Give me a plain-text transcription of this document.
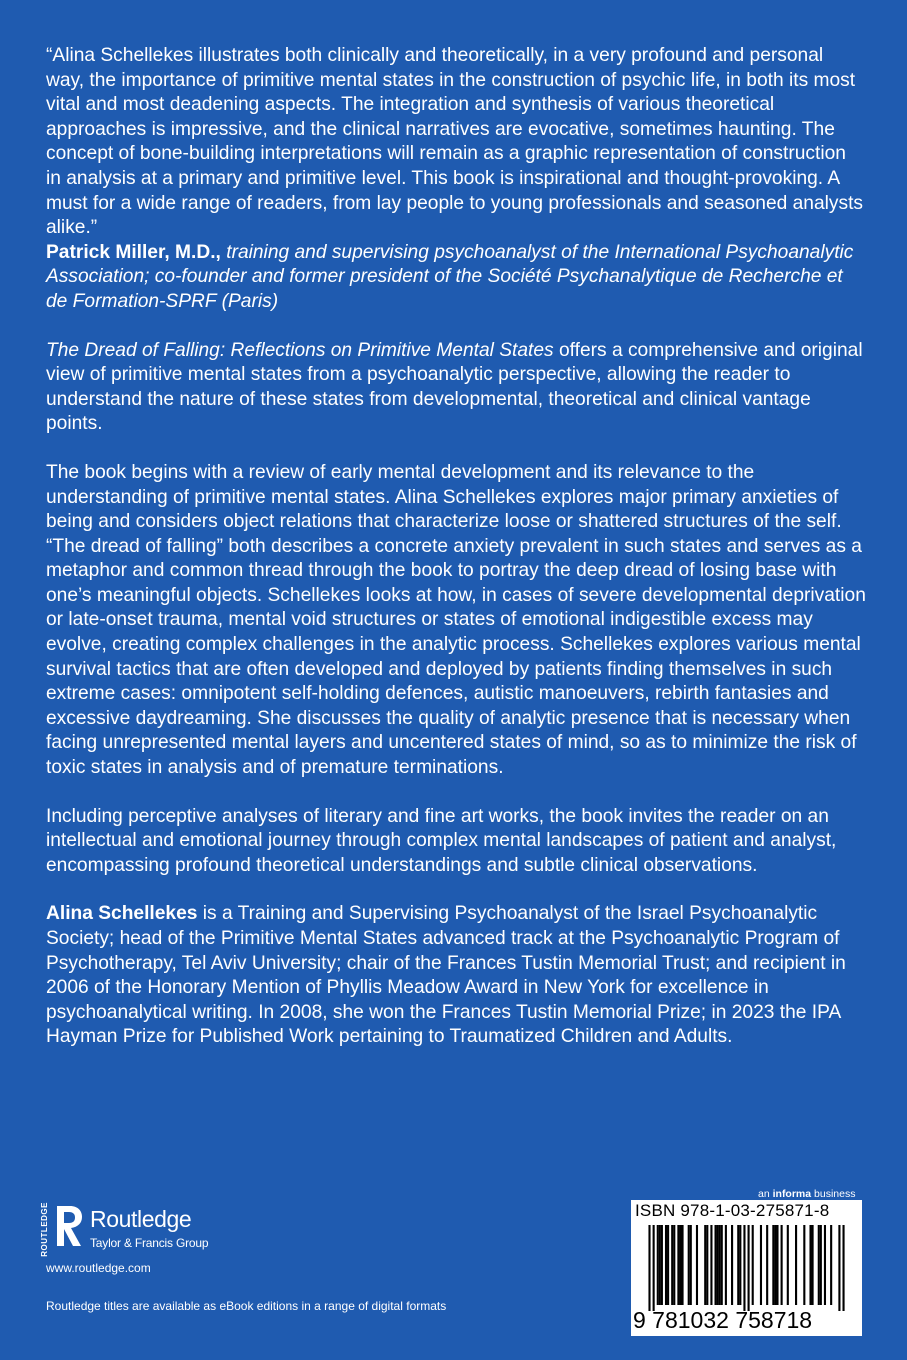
“Alina Schellekes illustrates both clinically and theoretically, in a very profound and personal way, the importance of primitive mental states in the construction of psychic life, in both its most vital and most deadening aspects. The integration and synthesis of various theoretical approaches is impressive, and the clinical narratives are evocative, sometimes haunting. The concept of bone-building interpretations will remain as a graphic representation of construction in analysis at a primary and primitive level. This book is inspirational and thought-provoking. A must for a wide range of readers, from lay people to young professionals and seasoned analysts alike.”

Patrick Miller, M.D., training and supervising psychoanalyst of the International Psychoanalytic Association; co-founder and former president of the Société Psychanalytique de Recherche et de Formation-SPRF (Paris)

The Dread of Falling: Reflections on Primitive Mental States offers a comprehensive and original view of primitive mental states from a psychoanalytic perspective, allowing the reader to understand the nature of these states from developmental, theoretical and clinical vantage points.

The book begins with a review of early mental development and its relevance to the understanding of primitive mental states. Alina Schellekes explores major primary anxieties of being and considers object relations that characterize loose or shattered structures of the self. “The dread of falling” both describes a concrete anxiety prevalent in such states and serves as a metaphor and common thread through the book to portray the deep dread of losing base with one’s meaningful objects. Schellekes looks at how, in cases of severe developmental deprivation or late-onset trauma, mental void structures or states of emotional indigestible excess may evolve, creating complex challenges in the analytic process. Schellekes explores various mental survival tactics that are often developed and deployed by patients finding themselves in such extreme cases: omnipotent self-holding defences, autistic manoeuvers, rebirth fantasies and excessive daydreaming. She discusses the quality of analytic presence that is necessary when facing unrepresented mental layers and uncentered states of mind, so as to minimize the risk of toxic states in analysis and of premature terminations.

Including perceptive analyses of literary and fine art works, the book invites the reader on an intellectual and emotional journey through complex mental landscapes of patient and analyst, encompassing profound theoretical understandings and subtle clinical observations.

Alina Schellekes is a Training and Supervising Psychoanalyst of the Israel Psychoanalytic Society; head of the Primitive Mental States advanced track at the Psychoanalytic Program of Psychotherapy, Tel Aviv University; chair of the Frances Tustin Memorial Trust; and recipient in 2006 of the Honorary Mention of Phyllis Meadow Award in New York for excellence in psychoanalytical writing. In 2008, she won the Frances Tustin Memorial Prize; in 2023 the IPA Hayman Prize for Published Work pertaining to Traumatized Children and Adults.

ROUTLEDGE Routledge
Taylor & Francis Group
www.routledge.com
Routledge titles are available as eBook editions in a range of digital formats
an informa business
ISBN 978-1-03-275871-8
9 781032 758718
